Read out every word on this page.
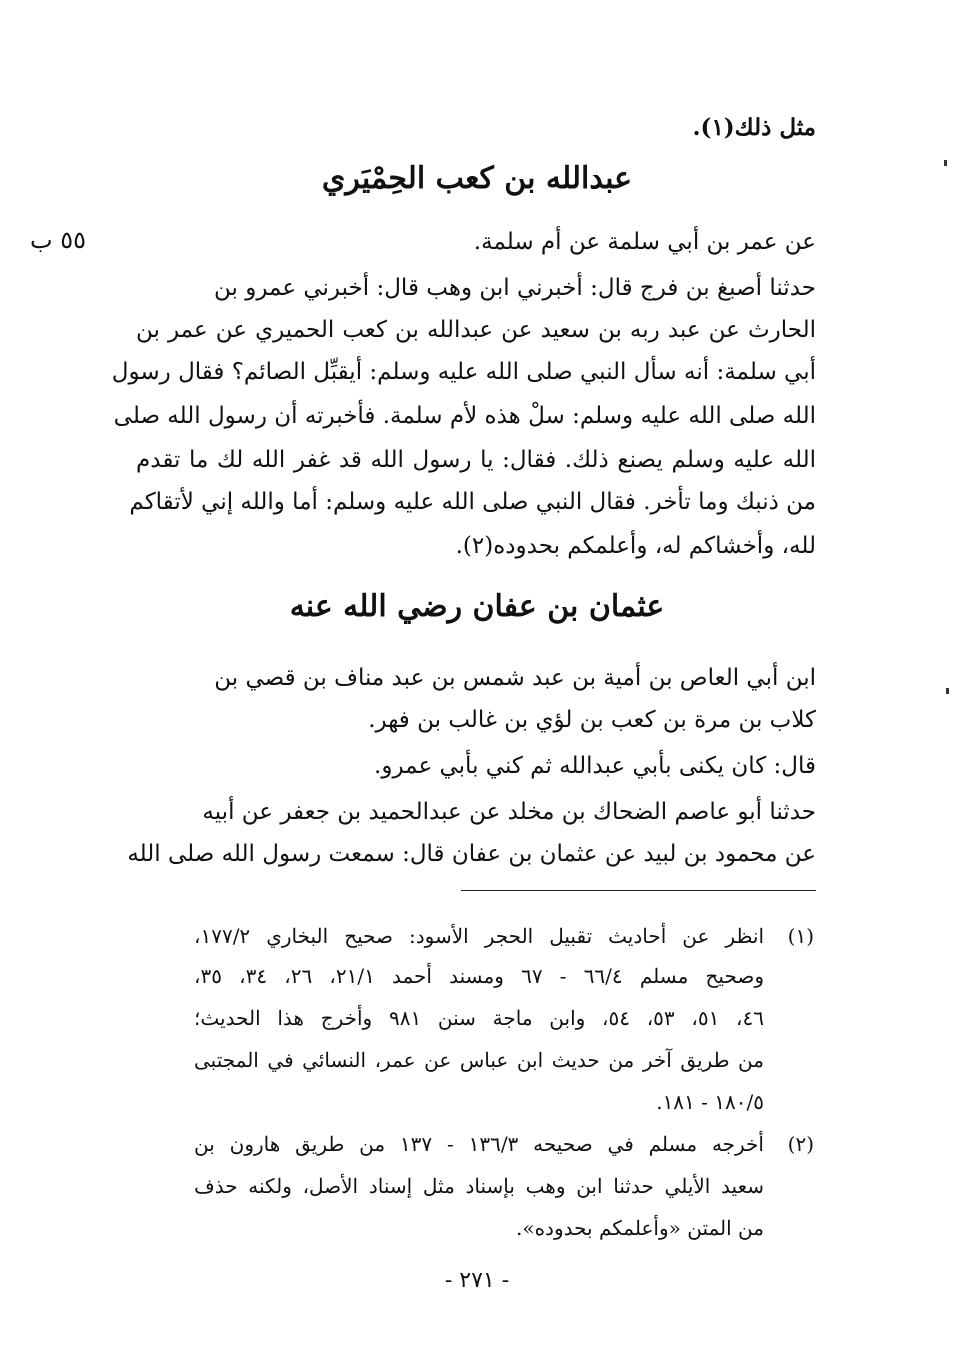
مثل ذلك(١).
عبدالله بن كعب الحِمْيَري
٥٥ ب	عن عمر بن أبي سلمة عن أم سلمة.
حدثنا أصبغ بن فرج قال: أخبرني ابن وهب قال: أخبرني عمرو بن
الحارث عن عبد ربه بن سعيد عن عبدالله بن كعب الحميري عن عمر بن
أبي سلمة: أنه سأل النبي صلى الله عليه وسلم: أيقبِّل الصائم؟ فقال رسول
الله صلى الله عليه وسلم: سلْ هذه لأم سلمة. فأخبرته أن رسول الله صلى
الله عليه وسلم يصنع ذلك. فقال: يا رسول الله قد غفر الله لك ما تقدم
من ذنبك وما تأخر. فقال النبي صلى الله عليه وسلم: أما والله إني لأتقاكم
لله، وأخشاكم له، وأعلمكم بحدوده(٢).
عثمان بن عفان رضي الله عنه
ابن أبي العاص بن أمية بن عبد شمس بن عبد مناف بن قصي بن
كلاب بن مرة بن كعب بن لؤي بن غالب بن فهر.
قال: كان يكنى بأبي عبدالله ثم كني بأبي عمرو.
حدثنا أبو عاصم الضحاك بن مخلد عن عبدالحميد بن جعفر عن أبيه
عن محمود بن لبيد عن عثمان بن عفان قال: سمعت رسول الله صلى الله
(١)
انظر عن أحاديث تقبيل الحجر الأسود: صحيح البخاري ١٧٧/٢،
وصحيح مسلم ٦٦/٤ - ٦٧ ومسند أحمد ٢١/١، ٢٦، ٣٤، ٣٥،
٤٦، ٥١، ٥٣، ٥٤، وابن ماجة سنن ٩٨١ وأخرج هذا الحديث؛
من طريق آخر من حديث ابن عباس عن عمر، النسائي في المجتبى
١٨٠/٥ - ١٨١.
(٢)
أخرجه مسلم في صحيحه ١٣٦/٣ - ١٣٧ من طريق هارون بن
سعيد الأيلي حدثنا ابن وهب بإسناد مثل إسناد الأصل، ولكنه حذف
من المتن «وأعلمكم بحدوده».
- ٢٧١ -
